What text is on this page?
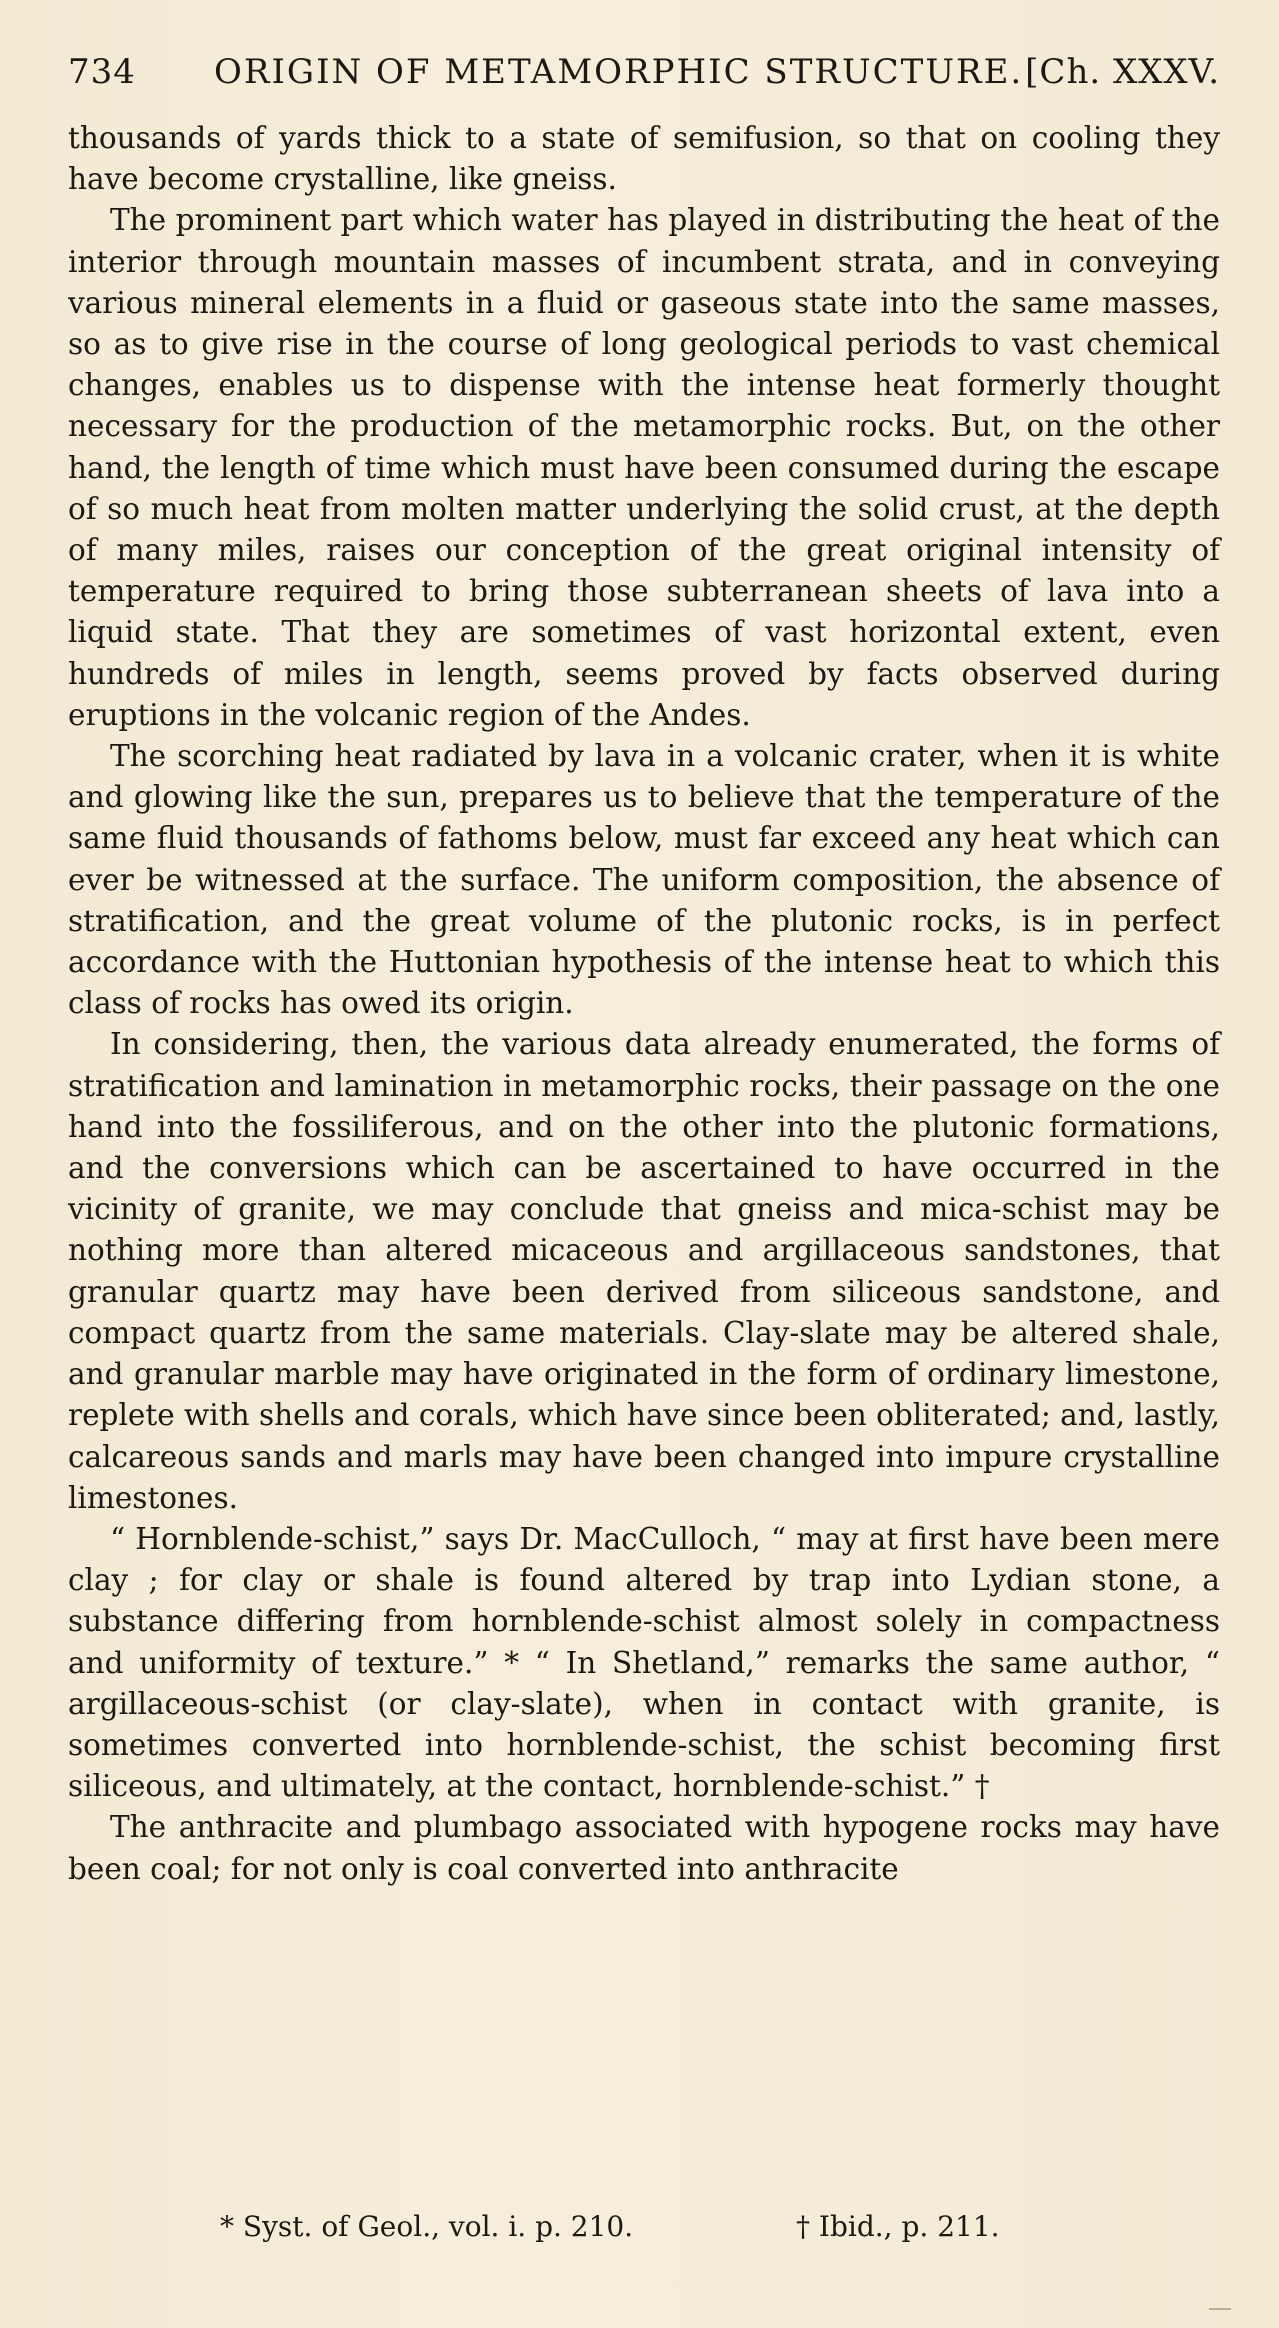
734 ORIGIN OF METAMORPHIC STRUCTURE. [Ch. XXXV.

thousands of yards thick to a state of semifusion, so that on cooling they have become crystalline, like gneiss.

The prominent part which water has played in distributing the heat of the interior through mountain masses of incumbent strata, and in conveying various mineral elements in a fluid or gaseous state into the same masses, so as to give rise in the course of long geological periods to vast chemical changes, enables us to dispense with the intense heat formerly thought necessary for the production of the metamorphic rocks. But, on the other hand, the length of time which must have been consumed during the escape of so much heat from molten matter underlying the solid crust, at the depth of many miles, raises our conception of the great original intensity of temperature required to bring those subterranean sheets of lava into a liquid state. That they are sometimes of vast horizontal extent, even hundreds of miles in length, seems proved by facts observed during eruptions in the volcanic region of the Andes.

The scorching heat radiated by lava in a volcanic crater, when it is white and glowing like the sun, prepares us to believe that the temperature of the same fluid thousands of fathoms below, must far exceed any heat which can ever be witnessed at the surface. The uniform composition, the absence of stratification, and the great volume of the plutonic rocks, is in perfect accordance with the Huttonian hypothesis of the intense heat to which this class of rocks has owed its origin.

In considering, then, the various data already enumerated, the forms of stratification and lamination in metamorphic rocks, their passage on the one hand into the fossiliferous, and on the other into the plutonic formations, and the conversions which can be ascertained to have occurred in the vicinity of granite, we may conclude that gneiss and mica-schist may be nothing more than altered micaceous and argillaceous sandstones, that granular quartz may have been derived from siliceous sandstone, and compact quartz from the same materials. Clay-slate may be altered shale, and granular marble may have originated in the form of ordinary limestone, replete with shells and corals, which have since been obliterated; and, lastly, calcareous sands and marls may have been changed into impure crystalline limestones.

“ Hornblende-schist,” says Dr. MacCulloch, “ may at first have been mere clay ; for clay or shale is found altered by trap into Lydian stone, a substance differing from hornblende-schist almost solely in compactness and uniformity of texture.” * “ In Shetland,” remarks the same author, “ argillaceous-schist (or clay-slate), when in contact with granite, is sometimes converted into hornblende-schist, the schist becoming first siliceous, and ultimately, at the contact, hornblende-schist.” †

The anthracite and plumbago associated with hypogene rocks may have been coal; for not only is coal converted into anthracite

* Syst. of Geol., vol. i. p. 210.	† Ibid., p. 211.
